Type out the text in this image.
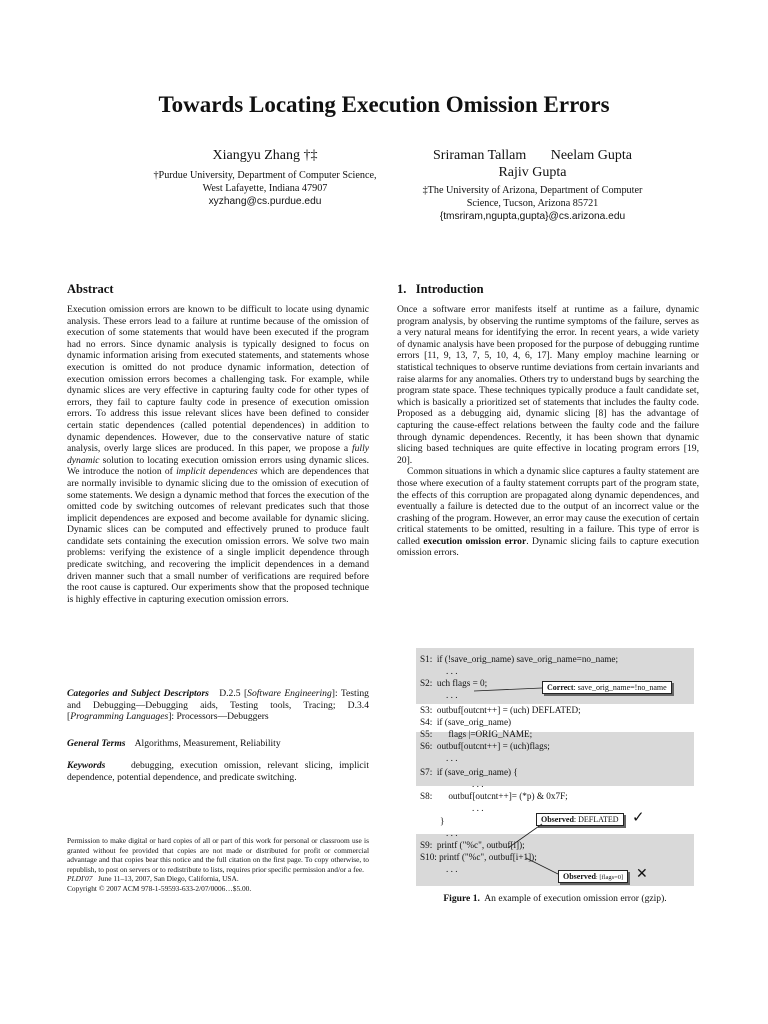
Towards Locating Execution Omission Errors
Xiangyu Zhang †‡
†Purdue University, Department of Computer Science,
West Lafayette, Indiana 47907
xyzhang@cs.purdue.edu
Sriraman Tallam       Neelam Gupta
Rajiv Gupta
‡The University of Arizona, Department of Computer
Science, Tucson, Arizona 85721
{tmsriram,ngupta,gupta}@cs.arizona.edu
Abstract

Execution omission errors are known to be difficult to locate using dynamic analysis. These errors lead to a failure at runtime because of the omission of execution of some statements that would have been executed if the program had no errors. Since dynamic analysis is typically designed to focus on dynamic information arising from executed statements, and statements whose execution is omitted do not produce dynamic information, detection of execution omission errors becomes a challenging task. For example, while dynamic slices are very effective in capturing faulty code for other types of errors, they fail to capture faulty code in presence of execution omission errors. To address this issue relevant slices have been defined to consider certain static dependences (called potential dependences) in addition to dynamic dependences. However, due to the conservative nature of static analysis, overly large slices are produced. In this paper, we propose a fully dynamic solution to locating execution omission errors using dynamic slices. We introduce the notion of implicit dependences which are dependences that are normally invisible to dynamic slicing due to the omission of execution of some statements. We design a dynamic method that forces the execution of the omitted code by switching outcomes of relevant predicates such that those implicit dependences are exposed and become available for dynamic slicing. Dynamic slices can be computed and effectively pruned to produce fault candidate sets containing the execution omission errors. We solve two main problems: verifying the existence of a single implicit dependence through predicate switching, and recovering the implicit dependences in a demand driven manner such that a small number of verifications are required before the root cause is captured. Our experiments show that the proposed technique is highly effective in capturing execution omission errors.

Categories and Subject Descriptors D.2.5 [Software Engineering]: Testing and Debugging—Debugging aids, Testing tools, Tracing; D.3.4 [Programming Languages]: Processors—Debuggers

General Terms Algorithms, Measurement, Reliability

Keywords	debugging, execution omission, relevant slicing, implicit dependence, potential dependence, and predicate switching.

Permission to make digital or hard copies of all or part of this work for personal or classroom use is granted without fee provided that copies are not made or distributed for profit or commercial advantage and that copies bear this notice and the full citation on the first page. To copy otherwise, to republish, to post on servers or to redistribute to lists, requires prior specific permission and/or a fee.
PLDI'07   June 11–13, 2007, San Diego, California, USA.
Copyright © 2007 ACM 978-1-59593-633-2/07/0006…$5.00.
1.   Introduction

Once a software error manifests itself at runtime as a failure, dynamic program analysis, by observing the runtime symptoms of the failure, serves as a very natural means for identifying the error. In recent years, a wide variety of dynamic analysis have been proposed for the purpose of debugging runtime errors [11, 9, 13, 7, 5, 10, 4, 6, 17]. Many employ machine learning or statistical techniques to observe runtime deviations from certain invariants and raise alarms for any anomalies. Others try to understand bugs by searching the program state space. These techniques typically produce a fault candidate set, which is basically a prioritized set of statements that includes the faulty code. Proposed as a debugging aid, dynamic slicing [8] has the advantage of capturing the cause-effect relations between the faulty code and the failure through dynamic dependences. Recently, it has been shown that dynamic slicing based techniques are quite effective in locating program errors [19, 20].

Common situations in which a dynamic slice captures a faulty statement are those where execution of a faulty statement corrupts part of the program state, the effects of this corruption are propagated along dynamic dependences, and eventually a failure is detected due to the output of an incorrect value or the crashing of the program. However, an error may cause the execution of certain critical statements to be omitted, resulting in a failure. This type of error is called execution omission error. Dynamic slicing fails to capture execution omission errors.

S1:  if (!save_orig_name) save_orig_name=no_name;
. . .
S2:  uch flags = 0;
. . .
Correct: save_orig_name=!no_name
S3:  outbuf[outcnt++] = (uch) DEFLATED;
S4:  if (save_orig_name)
S5:       flags |=ORIG_NAME;
S6:  outbuf[outcnt++] = (uch)flags;
. . .
S7:  if (save_orig_name) {
. . .
S8:       outbuf[outcnt++]= (*p) & 0x7F;
. . .
}	Observed: DEFLATED ✓
. . .
S9:  printf ("%c", outbuf[i]);
S10: printf ("%c", outbuf[i+1]);
. . .
Observed: [flags=0] ✕
Figure 1.  An example of execution omission error (gzip).
